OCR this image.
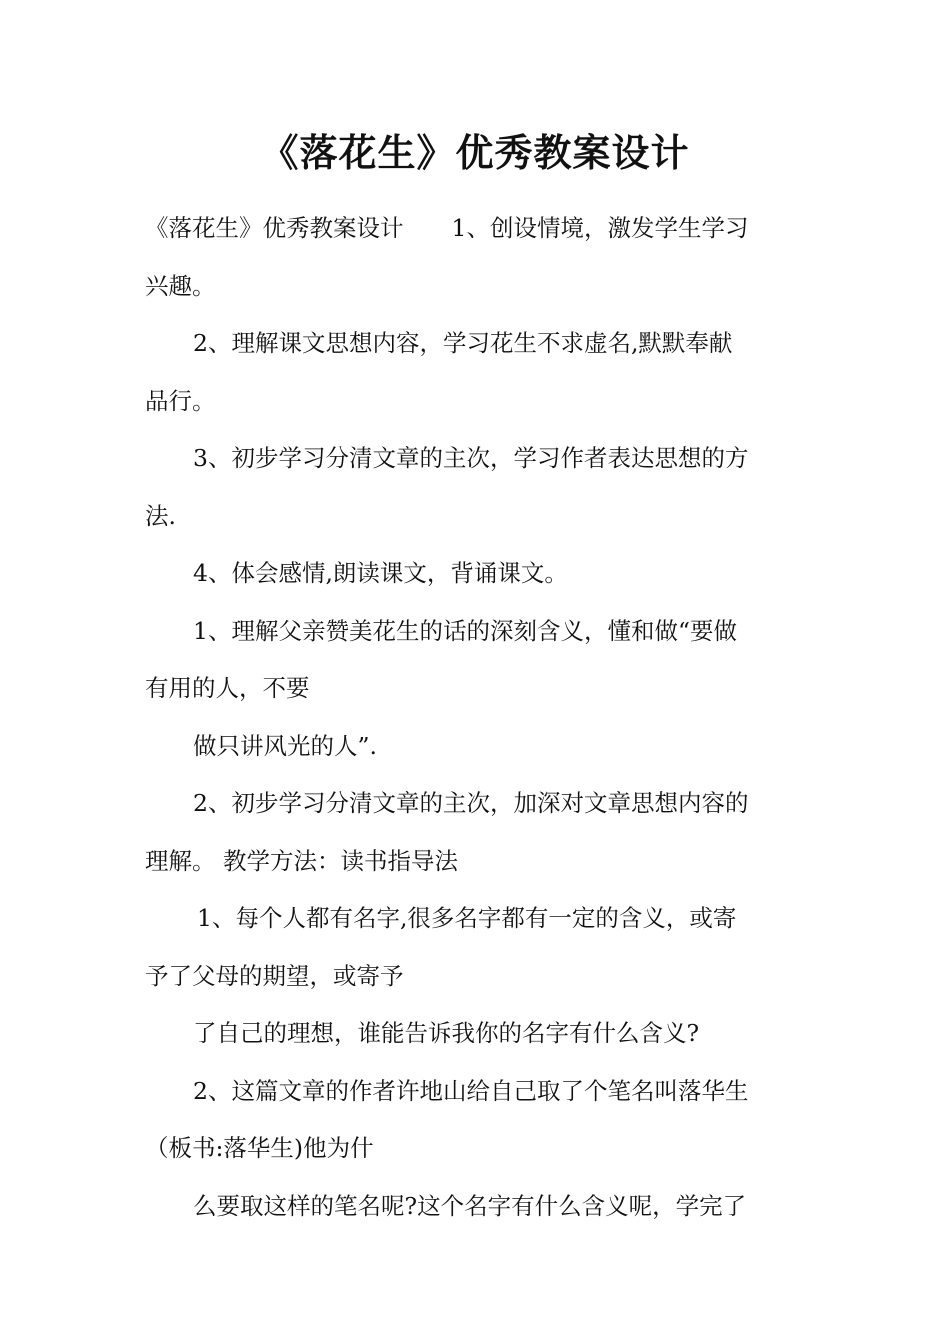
《落花生》优秀教案设计

《落花生》优秀教案设计 1、创设情境，激发学生学习

兴趣。

2、理解课文思想内容，学习花生不求虚名,默默奉献

品行。

3、初步学习分清文章的主次，学习作者表达思想的方

法.

4、体会感情,朗读课文，背诵课文。

1、理解父亲赞美花生的话的深刻含义，懂和做“要做

有用的人，不要

做只讲风光的人”.

2、初步学习分清文章的主次，加深对文章思想内容的

理解。 教学方法：读书指导法

1、每个人都有名字,很多名字都有一定的含义，或寄

予了父母的期望，或寄予

了自己的理想，谁能告诉我你的名字有什么含义?

2、这篇文章的作者许地山给自己取了个笔名叫落华生

（板书:落华生)他为什

么要取这样的笔名呢?这个名字有什么含义呢，学完了
